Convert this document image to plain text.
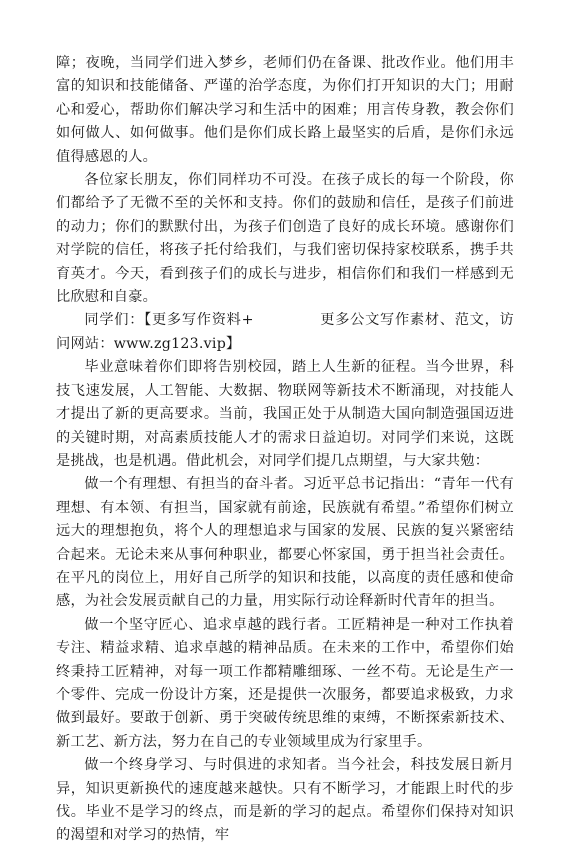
障；夜晚，当同学们进入梦乡，老师们仍在备课、批改作业。他们用丰富的知识和技能储备、严谨的治学态度，为你们打开知识的大门；用耐心和爱心，帮助你们解决学习和生活中的困难；用言传身教，教会你们如何做人、如何做事。他们是你们成长路上最坚实的后盾，是你们永远值得感恩的人。

各位家长朋友，你们同样功不可没。在孩子成长的每一个阶段，你们都给予了无微不至的关怀和支持。你们的鼓励和信任，是孩子们前进的动力；你们的默默付出，为孩子们创造了良好的成长环境。感谢你们对学院的信任，将孩子托付给我们，与我们密切保持家校联系，携手共育英才。今天，看到孩子们的成长与进步，相信你们和我们一样感到无比欣慰和自豪。

同学们：【更多写作资料+	更多公文写作素材、范文，访问网站：www.zg123.vip】

毕业意味着你们即将告别校园，踏上人生新的征程。当今世界，科技飞速发展，人工智能、大数据、物联网等新技术不断涌现，对技能人才提出了新的更高要求。当前，我国正处于从制造大国向制造强国迈进的关键时期，对高素质技能人才的需求日益迫切。对同学们来说，这既是挑战，也是机遇。借此机会，对同学们提几点期望，与大家共勉：

做一个有理想、有担当的奋斗者。习近平总书记指出：“青年一代有理想、有本领、有担当，国家就有前途，民族就有希望。”希望你们树立远大的理想抱负，将个人的理想追求与国家的发展、民族的复兴紧密结合起来。无论未来从事何种职业，都要心怀家国，勇于担当社会责任。在平凡的岗位上，用好自己所学的知识和技能，以高度的责任感和使命感，为社会发展贡献自己的力量，用实际行动诠释新时代青年的担当。

做一个坚守匠心、追求卓越的践行者。工匠精神是一种对工作执着专注、精益求精、追求卓越的精神品质。在未来的工作中，希望你们始终秉持工匠精神，对每一项工作都精雕细琢、一丝不苟。无论是生产一个零件、完成一份设计方案，还是提供一次服务，都要追求极致，力求做到最好。要敢于创新、勇于突破传统思维的束缚，不断探索新技术、新工艺、新方法，努力在自己的专业领域里成为行家里手。

做一个终身学习、与时俱进的求知者。当今社会，科技发展日新月异，知识更新换代的速度越来越快。只有不断学习，才能跟上时代的步伐。毕业不是学习的终点，而是新的学习的起点。希望你们保持对知识的渴望和对学习的热情，牢
